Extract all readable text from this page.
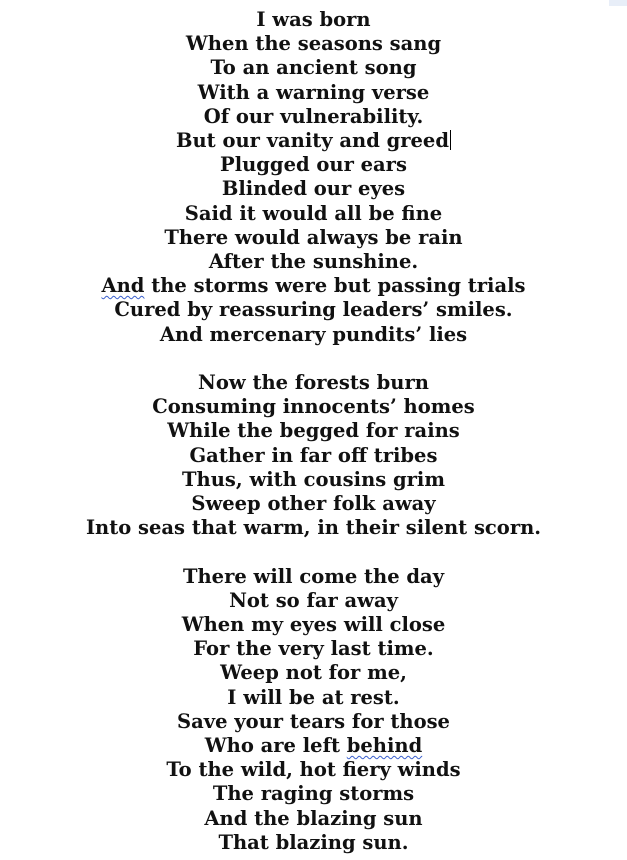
I was born
When the seasons sang
To an ancient song
With a warning verse
Of our vulnerability.
But our vanity and greed
Plugged our ears
Blinded our eyes
Said it would all be fine
There would always be rain
After the sunshine.
And the storms were but passing trials
Cured by reassuring leaders’ smiles.
And mercenary pundits’ lies
Now the forests burn
Consuming innocents’ homes
While the begged for rains
Gather in far off tribes
Thus, with cousins grim
Sweep other folk away
Into seas that warm, in their silent scorn.
There will come the day
Not so far away
When my eyes will close
For the very last time.
Weep not for me,
I will be at rest.
Save your tears for those
Who are left behind
To the wild, hot fiery winds
The raging storms
And the blazing sun
That blazing sun.
